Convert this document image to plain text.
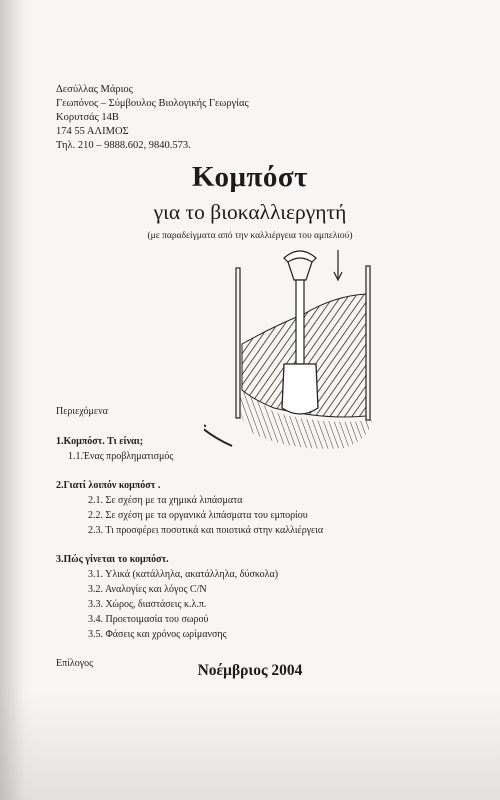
Δεσύλλας Μάριος
Γεωπόνος – Σύμβουλος Βιολογικής Γεωργίας
Κορυτσάς 14Β
174 55 ΑΛΙΜΟΣ
Τηλ. 210 – 9888.602, 9840.573.
Κομπόστ
για το βιοκαλλιεργητή
(με παραδείγματα από την καλλιέργεια του αμπελιού)
Περιεχόμενα
1.Κομπόστ. Τι είναι;
1.1.Ένας προβληματισμός
2.Γιατί λοιπόν κομπόστ .
2.1. Σε σχέση με τα χημικά λιπάσματα
2.2. Σε σχέση με τα οργανικά λιπάσματα του εμπορίου
2.3. Τι προσφέρει ποσοτικά και ποιοτικά στην καλλιέργεια
3.Πώς γίνεται το κομπόστ.
3.1. Υλικά (κατάλληλα, ακατάλληλα, δύσκολα)
3.2. Αναλογίες και λόγος C/N
3.3. Χώρος, διαστάσεις κ.λ.π.
3.4. Προετοιμασία του σωρού
3.5. Φάσεις και χρόνος ωρίμανσης
Επίλογος	Νοέμβριος 2004
